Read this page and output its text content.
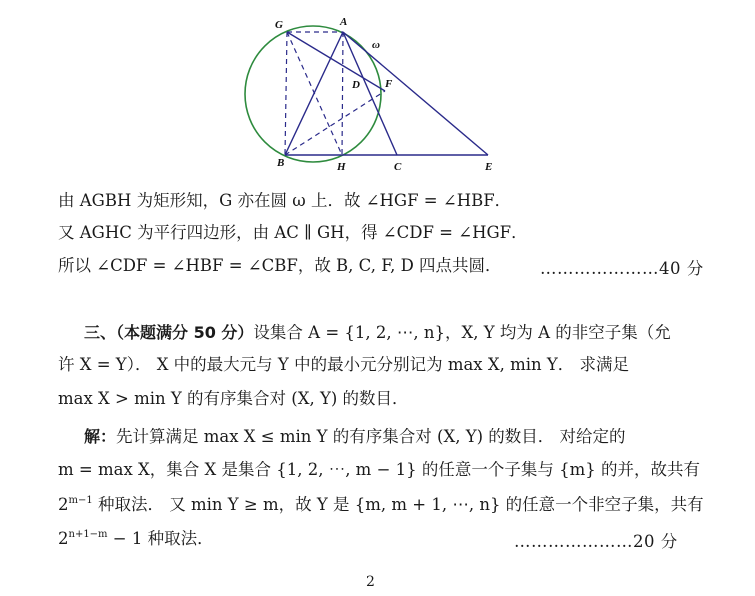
G	A
ω
D F
B	H	C	E
由 AGBH 为矩形知，G 亦在圆 ω 上．故 ∠HGF = ∠HBF．
又 AGHC 为平行四边形，由 AC ∥ GH，得 ∠CDF = ∠HGF．
所以 ∠CDF = ∠HBF = ∠CBF，故 B, C, F, D 四点共圆．	…………………40 分
三、（本题满分 50 分）设集合 A = {1, 2, ⋯, n}，X, Y 均为 A 的非空子集（允
许 X = Y）． X 中的最大元与 Y 中的最小元分别记为 max X, min Y． 求满足
max X > min Y 的有序集合对 (X, Y) 的数目．
解：先计算满足 max X ≤ min Y 的有序集合对 (X, Y) 的数目． 对给定的
m = max X，集合 X 是集合 {1, 2, ⋯, m − 1} 的任意一个子集与 {m} 的并，故共有
$2^{m-1}$ 种取法． 又 min Y ≥ m，故 Y 是 {m, m + 1, ⋯, n} 的任意一个非空子集，共有
$2^{n+1-m} - 1$ 种取法．	…………………20 分
2
